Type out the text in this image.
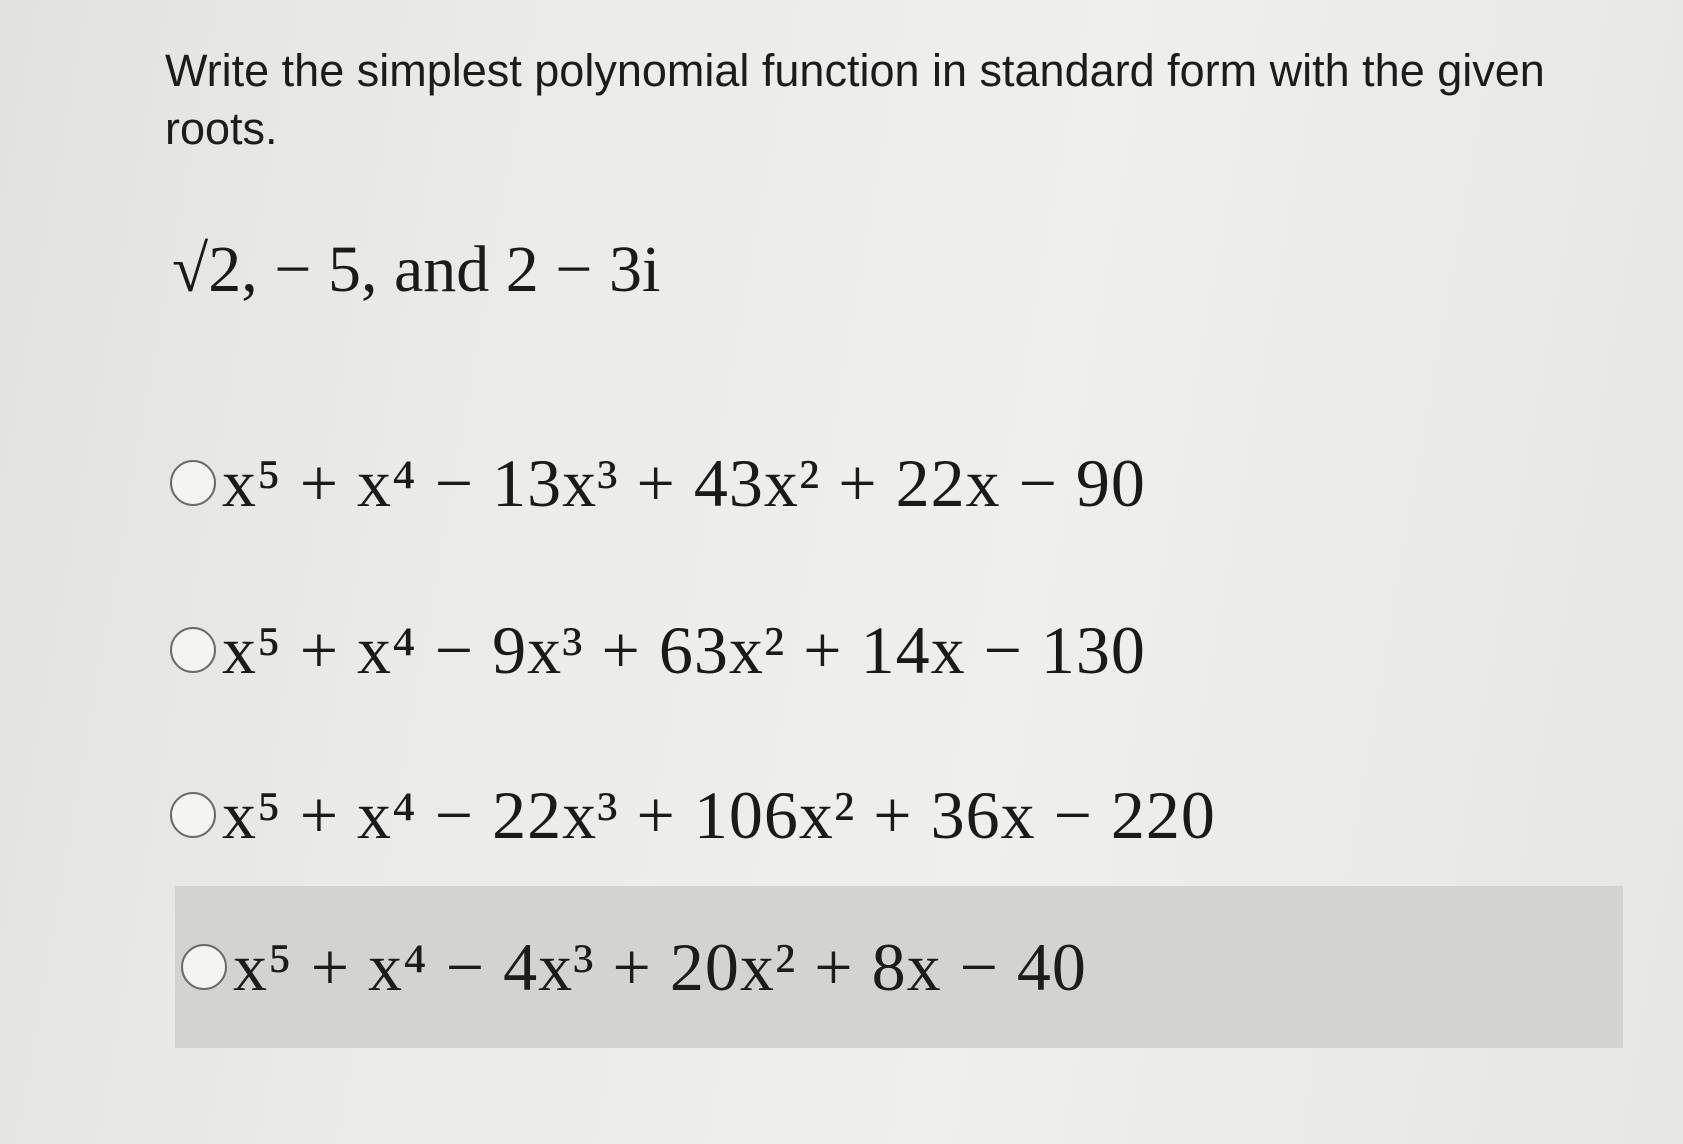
Write the simplest polynomial function in standard form with the given roots.
√2, − 5, and 2 − 3i
x⁵ + x⁴ − 13x³ + 43x² + 22x − 90
x⁵ + x⁴ − 9x³ + 63x² + 14x − 130
x⁵ + x⁴ − 22x³ + 106x² + 36x − 220
x⁵ + x⁴ − 4x³ + 20x² + 8x − 40
